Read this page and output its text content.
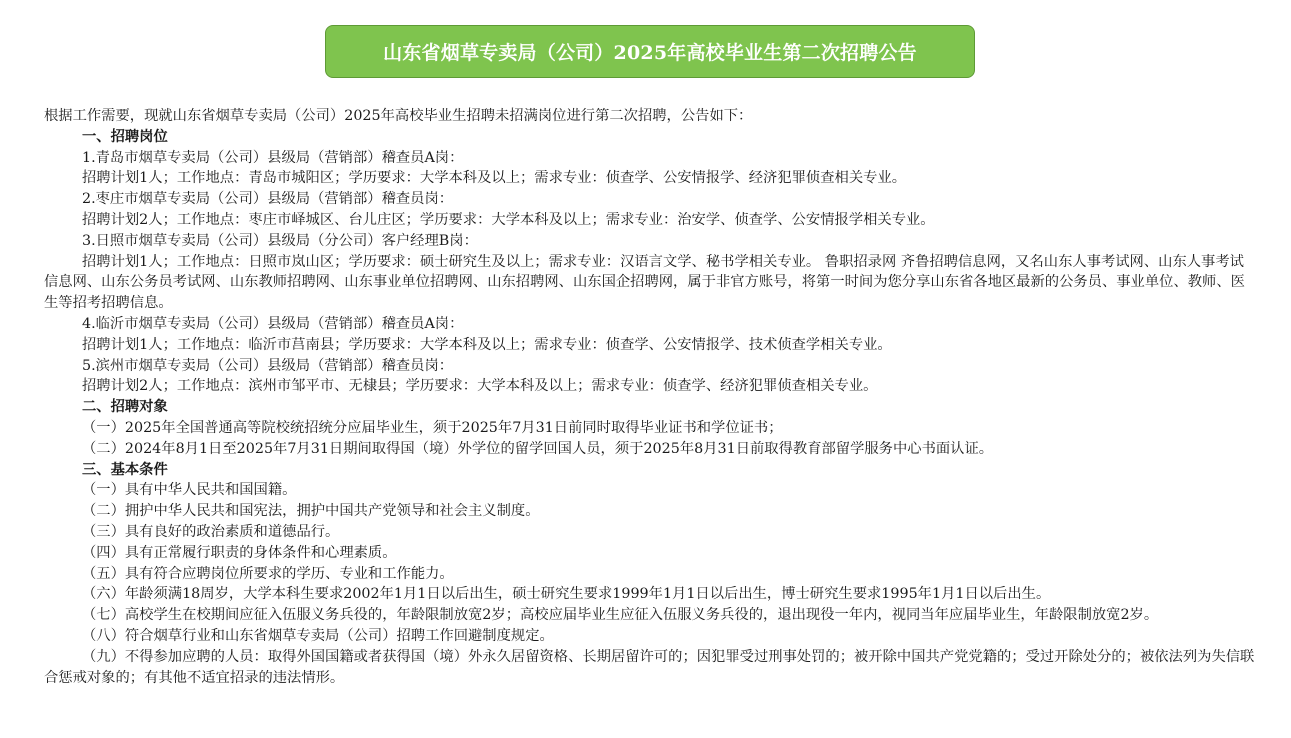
山东省烟草专卖局（公司）2025年高校毕业生第二次招聘公告
根据工作需要，现就山东省烟草专卖局（公司）2025年高校毕业生招聘未招满岗位进行第二次招聘，公告如下：
一、招聘岗位
1.青岛市烟草专卖局（公司）县级局（营销部）稽查员A岗：
招聘计划1人；工作地点：青岛市城阳区；学历要求：大学本科及以上；需求专业：侦查学、公安情报学、经济犯罪侦查相关专业。
2.枣庄市烟草专卖局（公司）县级局（营销部）稽查员岗：
招聘计划2人；工作地点：枣庄市峄城区、台儿庄区；学历要求：大学本科及以上；需求专业：治安学、侦查学、公安情报学相关专业。
3.日照市烟草专卖局（公司）县级局（分公司）客户经理B岗：
招聘计划1人；工作地点：日照市岚山区；学历要求：硕士研究生及以上；需求专业：汉语言文学、秘书学相关专业。 鲁职招录网 齐鲁招聘信息网，又名山东人事考试网、山东人事考试信息网、山东公务员考试网、山东教师招聘网、山东事业单位招聘网、山东招聘网、山东国企招聘网，属于非官方账号，将第一时间为您分享山东省各地区最新的公务员、事业单位、教师、医生等招考招聘信息。
4.临沂市烟草专卖局（公司）县级局（营销部）稽查员A岗：
招聘计划1人；工作地点：临沂市莒南县；学历要求：大学本科及以上；需求专业：侦查学、公安情报学、技术侦查学相关专业。
5.滨州市烟草专卖局（公司）县级局（营销部）稽查员岗：
招聘计划2人；工作地点：滨州市邹平市、无棣县；学历要求：大学本科及以上；需求专业：侦查学、经济犯罪侦查相关专业。
二、招聘对象
（一）2025年全国普通高等院校统招统分应届毕业生，须于2025年7月31日前同时取得毕业证书和学位证书；
（二）2024年8月1日至2025年7月31日期间取得国（境）外学位的留学回国人员，须于2025年8月31日前取得教育部留学服务中心书面认证。
三、基本条件
（一）具有中华人民共和国国籍。
（二）拥护中华人民共和国宪法，拥护中国共产党领导和社会主义制度。
（三）具有良好的政治素质和道德品行。
（四）具有正常履行职责的身体条件和心理素质。
（五）具有符合应聘岗位所要求的学历、专业和工作能力。
（六）年龄须满18周岁，大学本科生要求2002年1月1日以后出生，硕士研究生要求1999年1月1日以后出生，博士研究生要求1995年1月1日以后出生。
（七）高校学生在校期间应征入伍服义务兵役的，年龄限制放宽2岁；高校应届毕业生应征入伍服义务兵役的，退出现役一年内，视同当年应届毕业生，年龄限制放宽2岁。
（八）符合烟草行业和山东省烟草专卖局（公司）招聘工作回避制度规定。
（九）不得参加应聘的人员：取得外国国籍或者获得国（境）外永久居留资格、长期居留许可的；因犯罪受过刑事处罚的；被开除中国共产党党籍的；受过开除处分的；被依法列为失信联合惩戒对象的；有其他不适宜招录的违法情形。
